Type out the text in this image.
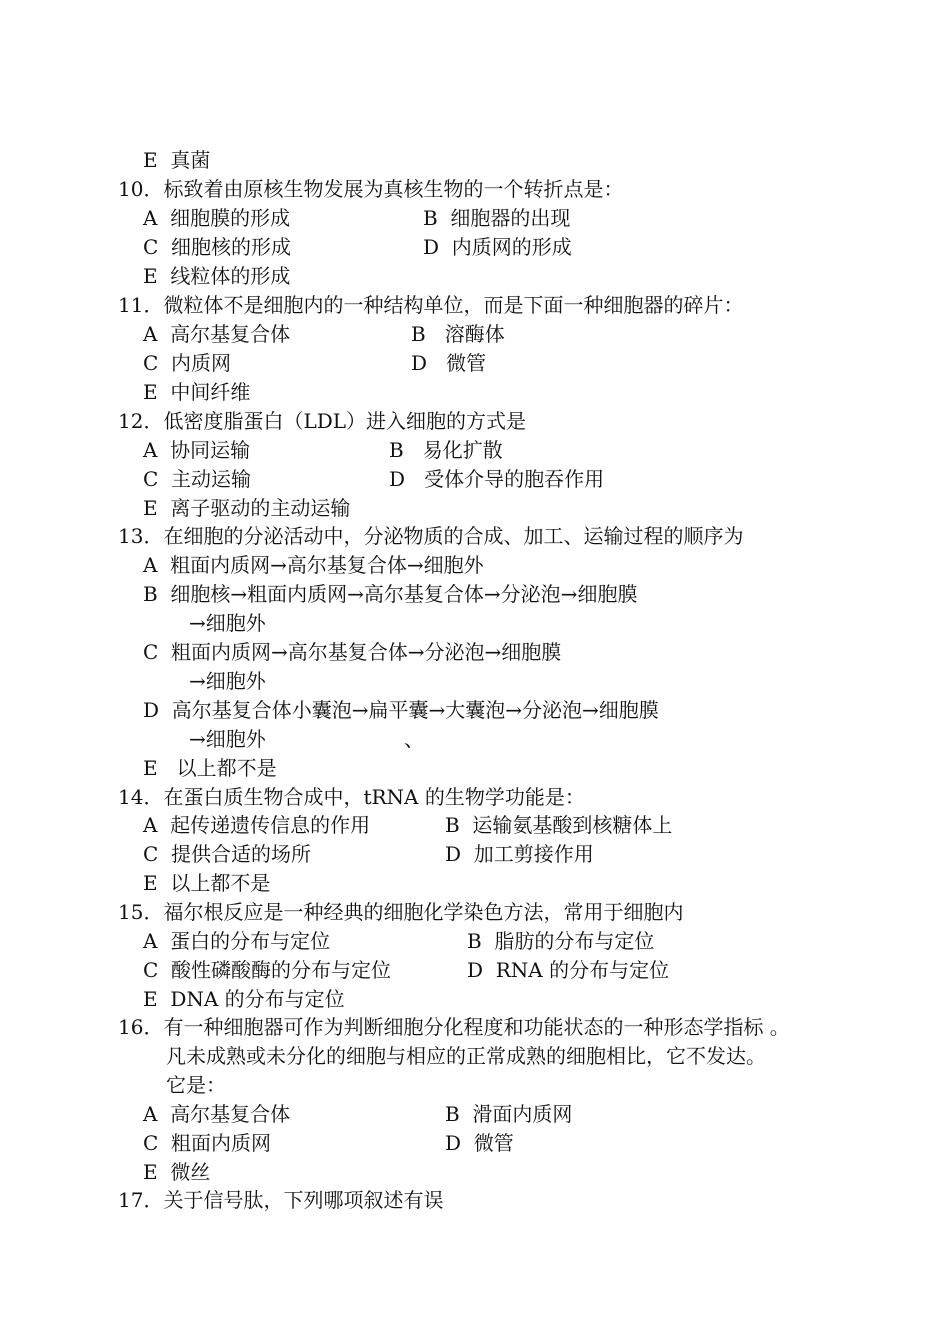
E  真菌
10．标致着由原核生物发展为真核生物的一个转折点是：
A  细胞膜的形成	B  细胞器的出现
C  细胞核的形成	D  内质网的形成
E  线粒体的形成
11．微粒体不是细胞内的一种结构单位，而是下面一种细胞器的碎片：
A  高尔基复合体	B   溶酶体
C  内质网	D   微管
E  中间纤维
12．低密度脂蛋白（LDL）进入细胞的方式是
A  协同运输	B   易化扩散
C  主动运输	D   受体介导的胞吞作用
E  离子驱动的主动运输
13．在细胞的分泌活动中，分泌物质的合成、加工、运输过程的顺序为
A  粗面内质网→高尔基复合体→细胞外
B  细胞核→粗面内质网→高尔基复合体→分泌泡→细胞膜
→细胞外
C  粗面内质网→高尔基复合体→分泌泡→细胞膜
→细胞外
D  高尔基复合体小囊泡→扁平囊→大囊泡→分泌泡→细胞膜
→细胞外	、
E   以上都不是
14．在蛋白质生物合成中，tRNA 的生物学功能是：
A  起传递遗传信息的作用	B  运输氨基酸到核糖体上
C  提供合适的场所	D  加工剪接作用
E  以上都不是
15．福尔根反应是一种经典的细胞化学染色方法，常用于细胞内
A  蛋白的分布与定位	B  脂肪的分布与定位
C  酸性磷酸酶的分布与定位	D  RNA 的分布与定位
E  DNA 的分布与定位
16．有一种细胞器可作为判断细胞分化程度和功能状态的一种形态学指标 。
凡未成熟或未分化的细胞与相应的正常成熟的细胞相比，它不发达。
它是：
A  高尔基复合体	B  滑面内质网
C  粗面内质网	D  微管
E  微丝
17．关于信号肽，下列哪项叙述有误
